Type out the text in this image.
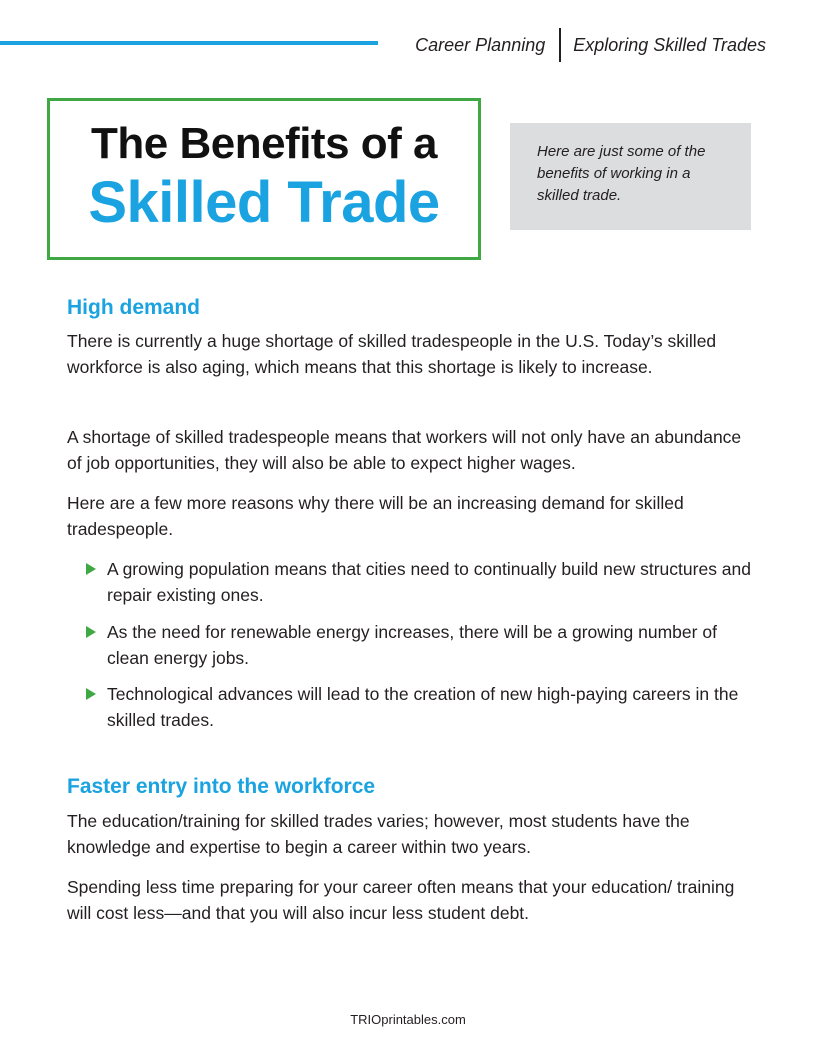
Career Planning Exploring Skilled Trades
The Benefits of a
Skilled Trade
Here are just some of the benefits of working in a skilled trade.
High demand

There is currently a huge shortage of skilled tradespeople in the U.S. Today’s skilled workforce is also aging, which means that this shortage is likely to increase.

A shortage of skilled tradespeople means that workers will not only have an abundance of job opportunities, they will also be able to expect higher wages.

Here are a few more reasons why there will be an increasing demand for skilled tradespeople.

A growing population means that cities need to continually build new structures and repair existing ones.
As the need for renewable energy increases, there will be a growing number of clean energy jobs.
Technological advances will lead to the creation of new high-paying careers in the skilled trades.
Faster entry into the workforce

The education/training for skilled trades varies; however, most students have the knowledge and expertise to begin a career within two years.

Spending less time preparing for your career often means that your education/ training will cost less—and that you will also incur less student debt.

TRIOprintables.com
